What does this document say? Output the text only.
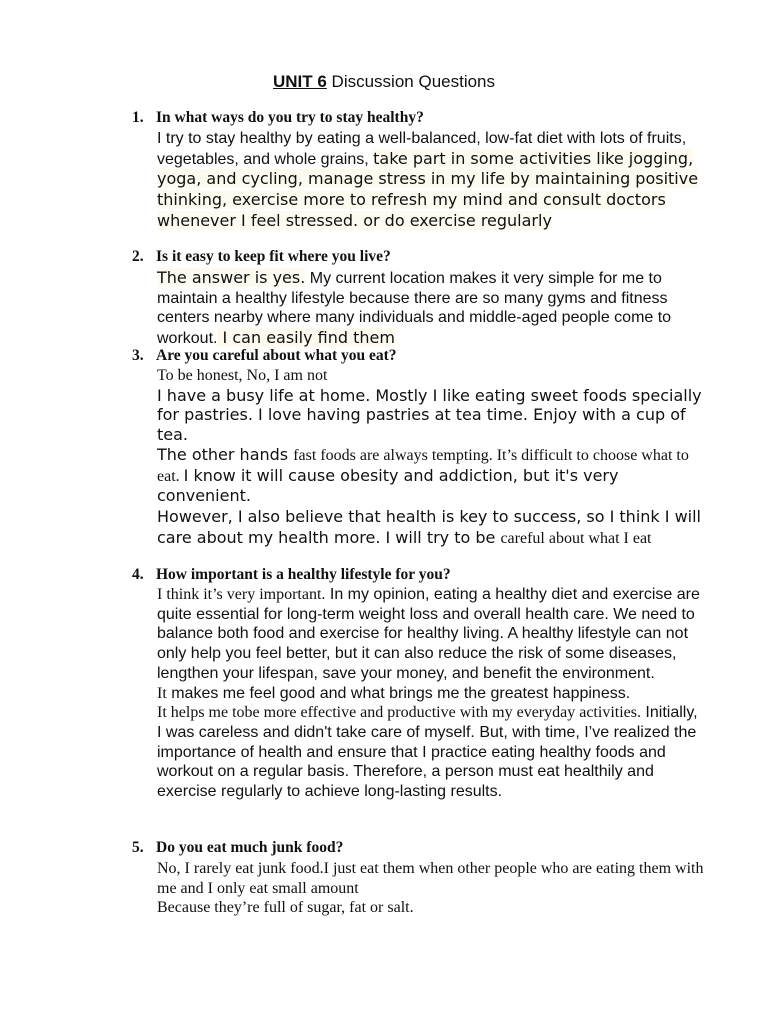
UNIT 6 Discussion Questions
1. In what ways do you try to stay healthy?
I try to stay healthy by eating a well-balanced, low-fat diet with lots of fruits, vegetables, and whole grains, take part in some activities like jogging, yoga, and cycling, manage stress in my life by maintaining positive thinking, exercise more to refresh my mind and consult doctors whenever I feel stressed. or do exercise regularly
2. Is it easy to keep fit where you live?
The answer is yes. My current location makes it very simple for me to maintain a healthy lifestyle because there are so many gyms and fitness centers nearby where many individuals and middle-aged people come to workout. I can easily find them
3. Are you careful about what you eat?
To be honest, No, I am not
I have a busy life at home. Mostly I like eating sweet foods specially for pastries. I love having pastries at tea time. Enjoy with a cup of tea.
The other hands fast foods are always tempting. It’s difficult to choose what to eat. I know it will cause obesity and addiction, but it's very convenient.
However, I also believe that health is key to success, so I think I will care about my health more. I will try to be careful about what I eat
4. How important is a healthy lifestyle for you?
I think it’s very important. In my opinion, eating a healthy diet and exercise are quite essential for long-term weight loss and overall health care. We need to balance both food and exercise for healthy living. A healthy lifestyle can not only help you feel better, but it can also reduce the risk of some diseases, lengthen your lifespan, save your money, and benefit the environment.
It makes me feel good and what brings me the greatest happiness.
It helps me tobe more effective and productive with my everyday activities. Initially, I was careless and didn't take care of myself. But, with time, I’ve realized the importance of health and ensure that I practice eating healthy foods and workout on a regular basis. Therefore, a person must eat healthily and exercise regularly to achieve long-lasting results.
5. Do you eat much junk food?
No, I rarely eat junk food.I just eat them when other people who are eating them with me and I only eat small amount
Because they’re full of sugar, fat or salt.
